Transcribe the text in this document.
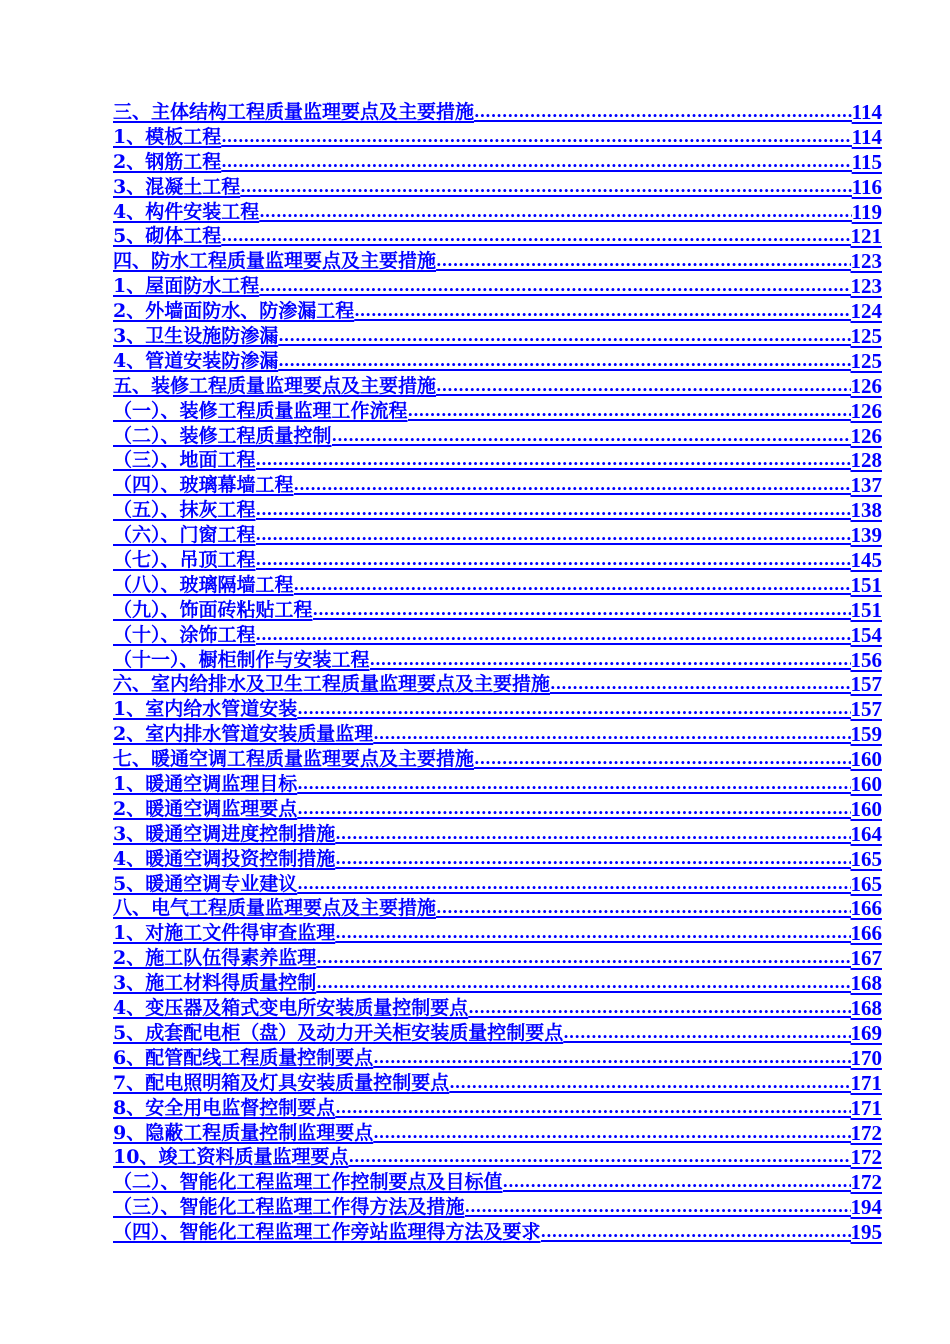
三、主体结构工程质量监理要点及主要措施 .....	114
1、模板工程 .....	114
2、钢筋工程 .....	115
3、混凝土工程 .....	116
4、构件安装工程 .....	119
5、砌体工程 .....	121
四、防水工程质量监理要点及主要措施 .....	123
1、屋面防水工程 .....	123
2、外墙面防水、防渗漏工程 .....	124
3、卫生设施防渗漏 .....	125
4、管道安装防渗漏 .....	125
五、装修工程质量监理要点及主要措施 .....	126
（一）、装修工程质量监理工作流程 .....	126
（二）、装修工程质量控制 .....	126
（三）、地面工程 .....	128
（四）、玻璃幕墙工程 .....	137
（五）、抹灰工程 .....	138
（六）、门窗工程 .....	139
（七）、吊顶工程 .....	145
（八）、玻璃隔墙工程 .....	151
（九）、饰面砖粘贴工程 .....	151
（十）、涂饰工程 .....	154
（十一）、橱柜制作与安装工程 .....	156
六、室内给排水及卫生工程质量监理要点及主要措施 .....	157
1、室内给水管道安装 .....	157
2、室内排水管道安装质量监理 .....	159
七、暖通空调工程质量监理要点及主要措施 .....	160
1、暖通空调监理目标 .....	160
2、暖通空调监理要点 .....	160
3、暖通空调进度控制措施 .....	164
4、暖通空调投资控制措施 .....	165
5、暖通空调专业建议 .....	165
八、电气工程质量监理要点及主要措施 .....	166
1、对施工文件得审查监理 .....	166
2、施工队伍得素养监理 .....	167
3、施工材料得质量控制 .....	168
4、变压器及箱式变电所安装质量控制要点 .....	168
5、成套配电柜（盘）及动力开关柜安装质量控制要点 .....	169
6、配管配线工程质量控制要点 .....	170
7、配电照明箱及灯具安装质量控制要点 .....	171
8、安全用电监督控制要点 .....	171
9、隐蔽工程质量控制监理要点 .....	172
10、竣工资料质量监理要点 .....	172
（二）、智能化工程监理工作控制要点及目标值 .....	172
（三）、智能化工程监理工作得方法及措施 .....	194
（四）、智能化工程监理工作旁站监理得方法及要求 .....	195
